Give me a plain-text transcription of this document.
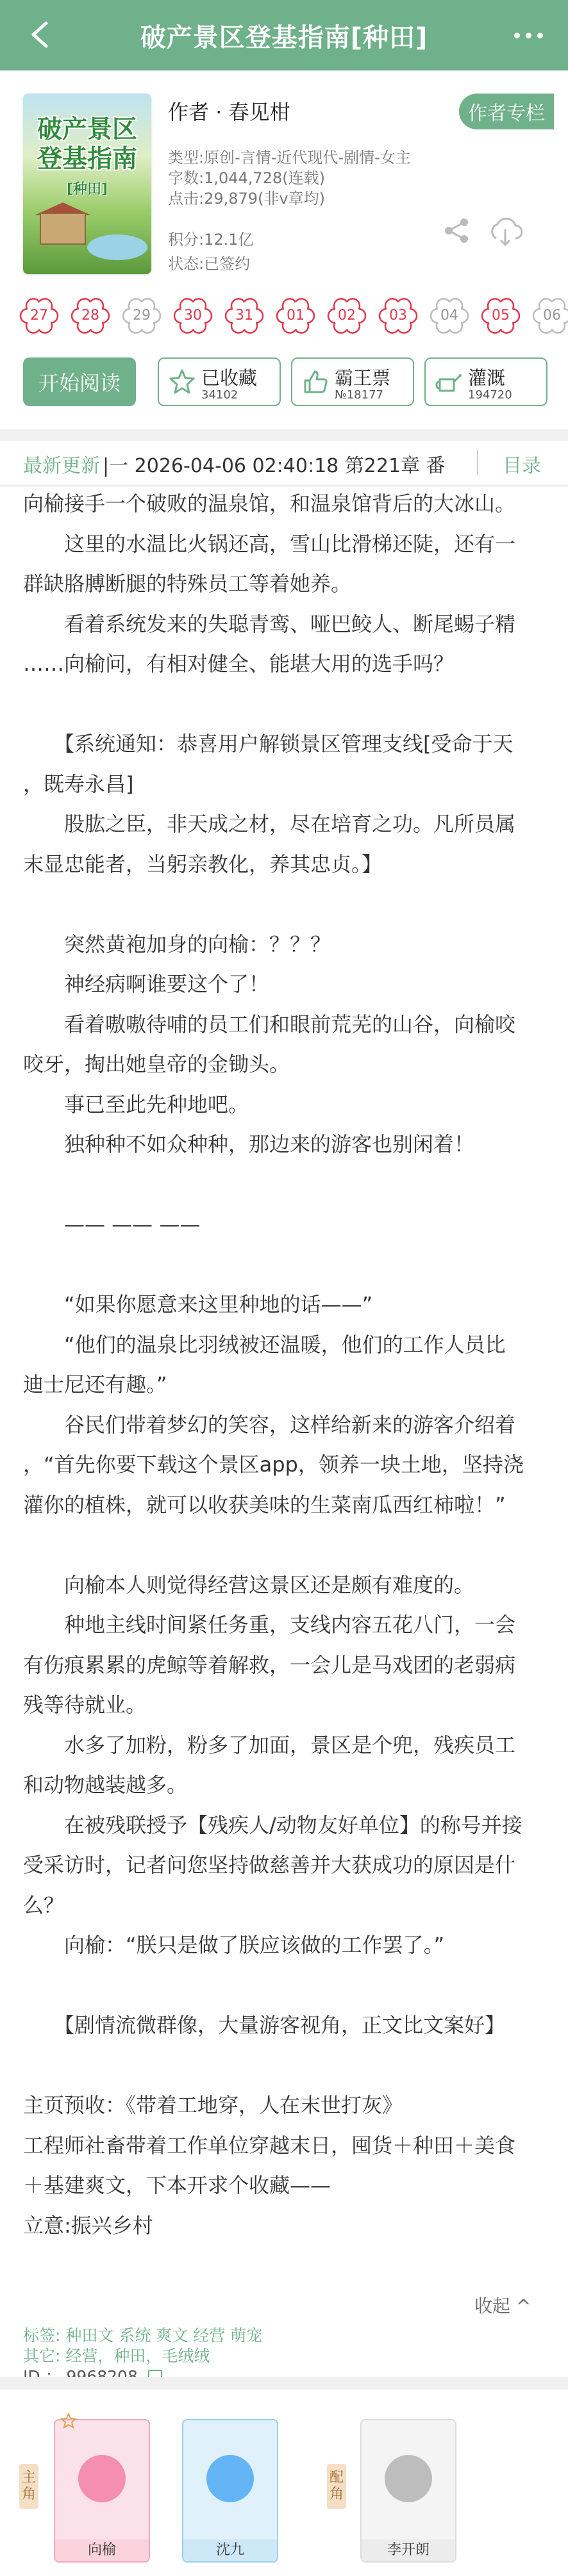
破产景区登基指南[种田]
破产景区
登基指南
[种田]
作者 · 春见柑	作者专栏
类型:原创-言情-近代现代-剧情-女主
字数:1,044,728(连载)
点击:29,879(非v章均)
积分:12.1亿
状态:已签约
27	28	29	30	31	01	02	03	04	05	06
开始阅读	已收藏
34102
霸王票
№18177
灌溉
194720
最新更新 |一 2026-04-06 02:40:18 第221章 番	目录
收起 ^
标签: 种田文 系统 爽文 经营 萌宠
其它: 经营，种田，毛绒绒
向榆接手一个破败的温泉馆，和温泉馆背后的大冰山。
　　这里的水温比火锅还高，雪山比滑梯还陡，还有一
群缺胳膊断腿的特殊员工等着她养。
　　看着系统发来的失聪青鸾、哑巴鲛人、断尾蜴子精
……向榆问，有相对健全、能堪大用的选手吗？
　　【系统通知：恭喜用户解锁景区管理支线[受命于天
，既寿永昌]
　　股肱之臣，非天成之材，尽在培育之功。凡所员属
末显忠能者，当躬亲教化，养其忠贞。】
　　突然黄袍加身的向榆：？？？
　　神经病啊谁要这个了！
　　看着嗷嗷待哺的员工们和眼前荒芜的山谷，向榆咬
咬牙，掏出她皇帝的金锄头。
　　事已至此先种地吧。
　　独种种不如众种种，那边来的游客也别闲着！
　　—— —— ——
　　“如果你愿意来这里种地的话——”
　　“他们的温泉比羽绒被还温暖，他们的工作人员比
迪士尼还有趣。”
　　谷民们带着梦幻的笑容，这样给新来的游客介绍着
，“首先你要下载这个景区app，领养一块土地，坚持浇
灌你的植株，就可以收获美味的生菜南瓜西红柿啦！”
　　向榆本人则觉得经营这景区还是颇有难度的。
　　种地主线时间紧任务重，支线内容五花八门，一会
有伤痕累累的虎鲸等着解救，一会儿是马戏团的老弱病
残等待就业。
　　水多了加粉，粉多了加面，景区是个兜，残疾员工
和动物越装越多。
　　在被残联授予【残疾人/动物友好单位】的称号并接
受采访时，记者问您坚持做慈善并大获成功的原因是什
么？
　　向榆：“朕只是做了朕应该做的工作罢了。”
　　【剧情流微群像，大量游客视角，正文比文案好】
主页预收：《带着工地穿，人在末世打灰》
工程师社畜带着工作单位穿越末日，囤货＋种田＋美食
＋基建爽文，下本开求个收藏——
立意:振兴乡村
主角
配角
向榆	沈九	李开朗
